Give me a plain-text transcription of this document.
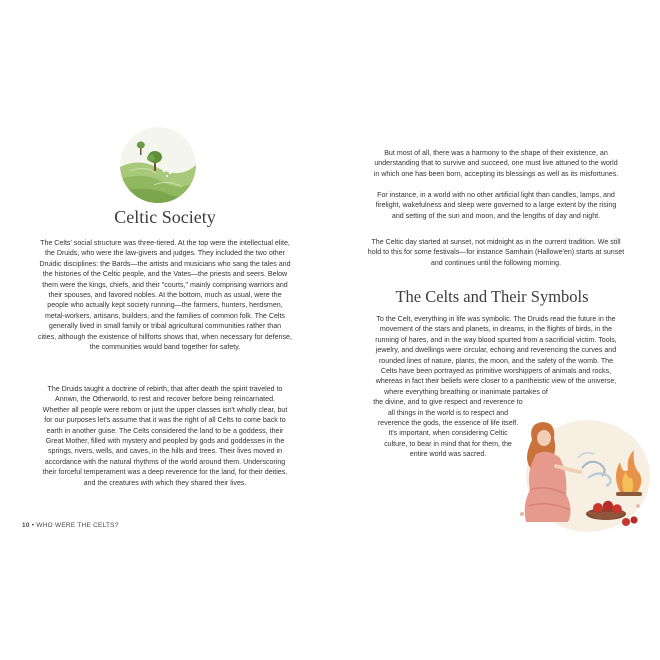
Celtic Society

The Celts' social structure was three-tiered. At the top were the intellectual elite,
the Druids, who were the law-givers and judges. They included the two other
Druidic disciplines: the Bards—the artists and musicians who sang the tales and
the histories of the Celtic people, and the Vates—the priests and seers. Below
them were the kings, chiefs, and their "courts," mainly comprising warriors and
their spouses, and favored nobles. At the bottom, much as usual, were the
people who actually kept society running—the farmers, hunters, herdsmen,
metal-workers, artisans, builders, and the families of common folk. The Celts
generally lived in small family or tribal agricultural communities rather than
cities, although the existence of hillforts shows that, when necessary for defense,
the communities would band together for safety.

The Druids taught a doctrine of rebirth, that after death the spirit traveled to
Annwn, the Otherworld, to rest and recover before being reincarnated.
Whether all people were reborn or just the upper classes isn't wholly clear, but
for our purposes let's assume that it was the right of all Celts to come back to
earth in another guise. The Celts considered the land to be a goddess, their
Great Mother, filled with mystery and peopled by gods and goddesses in the
springs, rivers, wells, and caves, in the hills and trees. Their lives moved in
accordance with the natural rhythms of the world around them. Underscoring
their forceful temperament was a deep reverence for the land, for their deities,
and the creatures with which they shared their lives.

10 • WHO WERE THE CELTS?

But most of all, there was a harmony to the shape of their existence, an
understanding that to survive and succeed, one must live attuned to the world
in which one has been born, accepting its blessings as well as its misfortunes.

For instance, in a world with no other artificial light than candles, lamps, and
firelight, wakefulness and sleep were governed to a large extent by the rising
and setting of the sun and moon, and the lengths of day and night.

The Celtic day started at sunset, not midnight as in the current tradition. We still
hold to this for some festivals—for instance Samhain (Hallowe'en) starts at sunset
and continues until the following morning.

The Celts and Their Symbols

To the Celt, everything in life was symbolic. The Druids read the future in the
movement of the stars and planets, in dreams, in the flights of birds, in the
running of hares, and in the way blood spurted from a sacrificial victim. Tools,
jewelry, and dwellings were circular, echoing and reverencing the curves and
rounded lines of nature, plants, the moon, and the safety of the womb. The
Celts have been portrayed as primitive worshippers of animals and rocks,
whereas in fact their beliefs were closer to a pantheistic view of the universe,
where everything breathing or inanimate partakes of
the divine, and to give respect and reverence to
all things in the world is to respect and
reverence the gods, the essence of life itself.
It's important, when considering Celtic
culture, to bear in mind that for them, the
entire world was sacred.
